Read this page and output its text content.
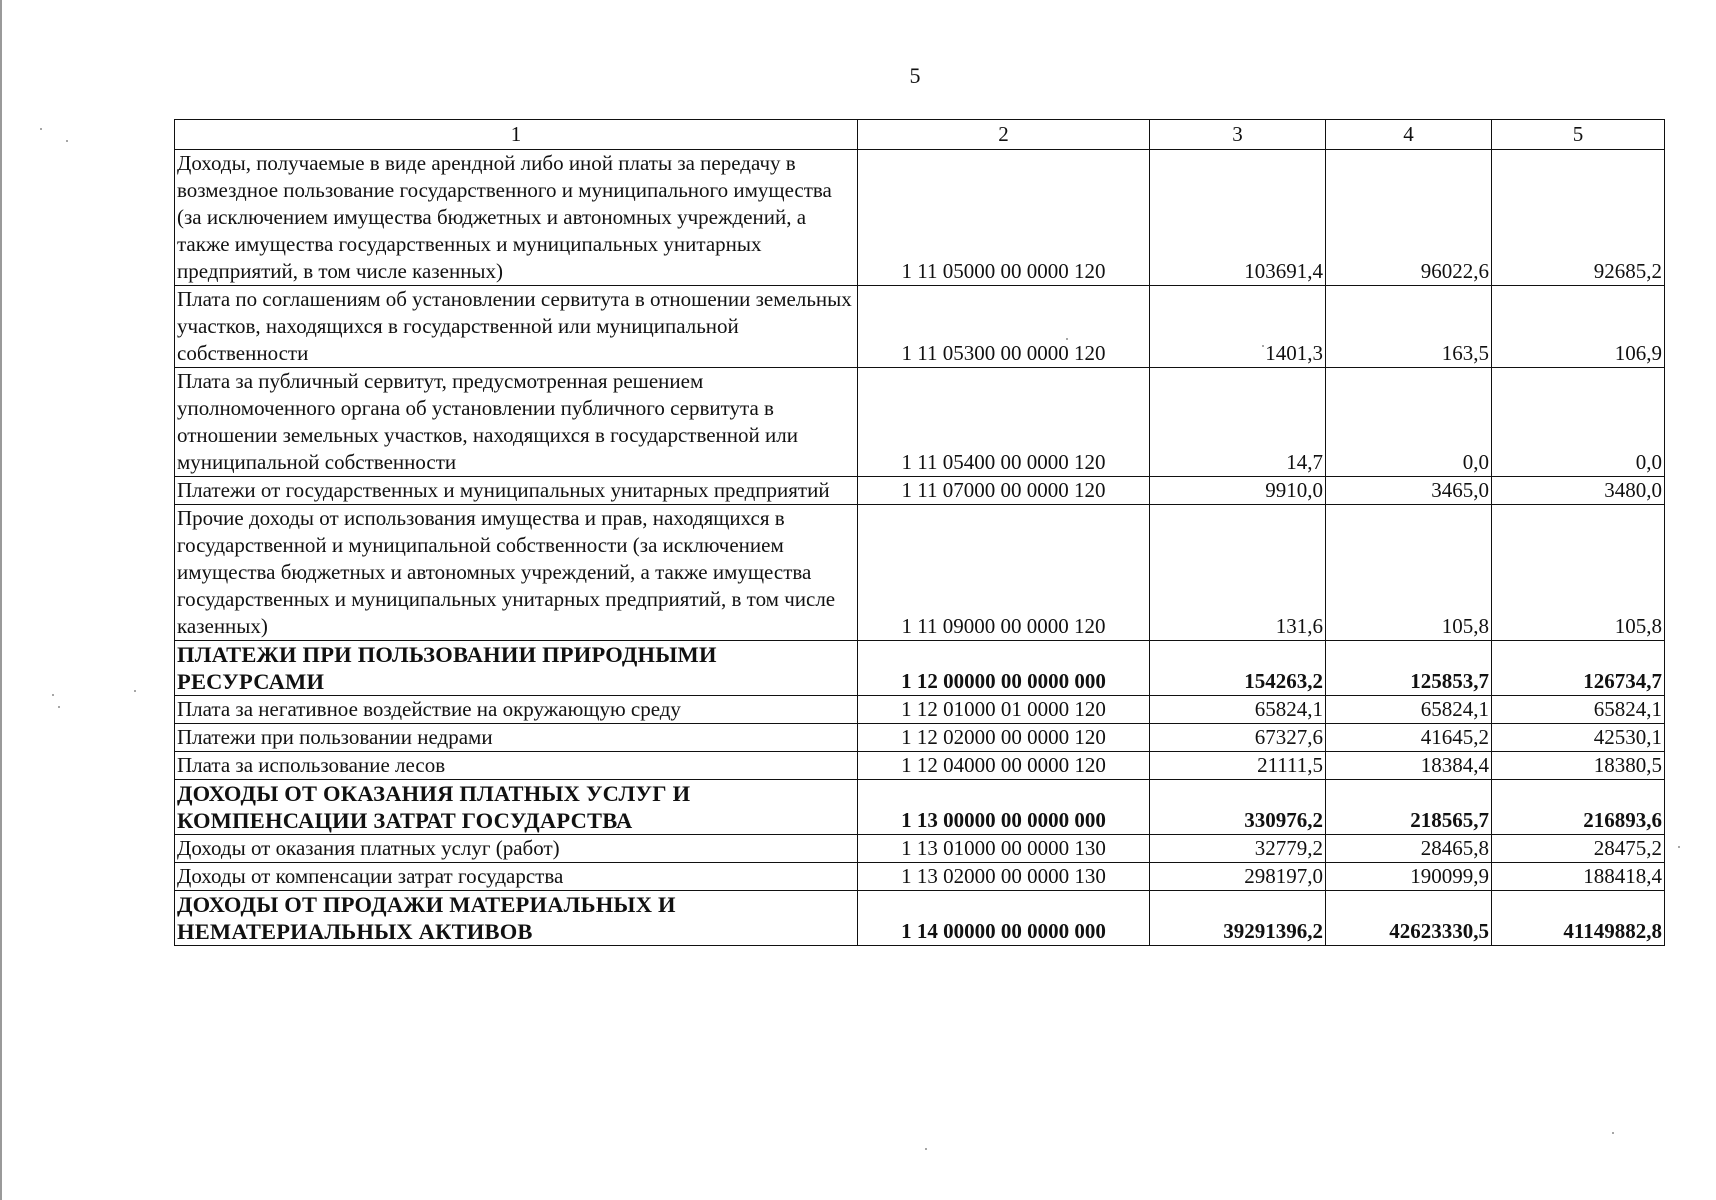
5
1	2	3	4	5
Доходы, получаемые в виде арендной либо иной платы за передачу в возмездное пользование государственного и муниципального имущества (за исключением имущества бюджетных и автономных учреждений, а также имущества государственных и муниципальных унитарных предприятий, в том числе казенных)	1 11 05000 00 0000 120	103691,4	96022,6	92685,2
Плата по соглашениям об установлении сервитута в отношении земельных участков, находящихся в государственной или муниципальной собственности	1 11 05300 00 0000 120	1401,3	163,5	106,9
Плата за публичный сервитут, предусмотренная решением уполномоченного органа об установлении публичного сервитута в отношении земельных участков, находящихся в государственной или муниципальной собственности	1 11 05400 00 0000 120	14,7	0,0	0,0
Платежи от государственных и муниципальных унитарных предприятий	1 11 07000 00 0000 120	9910,0	3465,0	3480,0
Прочие доходы от использования имущества и прав, находящихся в государственной и муниципальной собственности (за исключением имущества бюджетных и автономных учреждений, а также имущества государственных и муниципальных унитарных предприятий, в том числе казенных)	1 11 09000 00 0000 120	131,6	105,8	105,8
ПЛАТЕЖИ ПРИ ПОЛЬЗОВАНИИ ПРИРОДНЫМИ РЕСУРСАМИ	1 12 00000 00 0000 000	154263,2	125853,7	126734,7
Плата за негативное воздействие на окружающую среду	1 12 01000 01 0000 120	65824,1	65824,1	65824,1
Платежи при пользовании недрами	1 12 02000 00 0000 120	67327,6	41645,2	42530,1
Плата за использование лесов	1 12 04000 00 0000 120	21111,5	18384,4	18380,5
ДОХОДЫ ОТ ОКАЗАНИЯ ПЛАТНЫХ УСЛУГ И КОМПЕНСАЦИИ ЗАТРАТ ГОСУДАРСТВА	1 13 00000 00 0000 000	330976,2	218565,7	216893,6
Доходы от оказания платных услуг (работ)	1 13 01000 00 0000 130	32779,2	28465,8	28475,2
Доходы от компенсации затрат государства	1 13 02000 00 0000 130	298197,0	190099,9	188418,4
ДОХОДЫ ОТ ПРОДАЖИ МАТЕРИАЛЬНЫХ И НЕМАТЕРИАЛЬНЫХ АКТИВОВ	1 14 00000 00 0000 000	39291396,2	42623330,5	41149882,8
